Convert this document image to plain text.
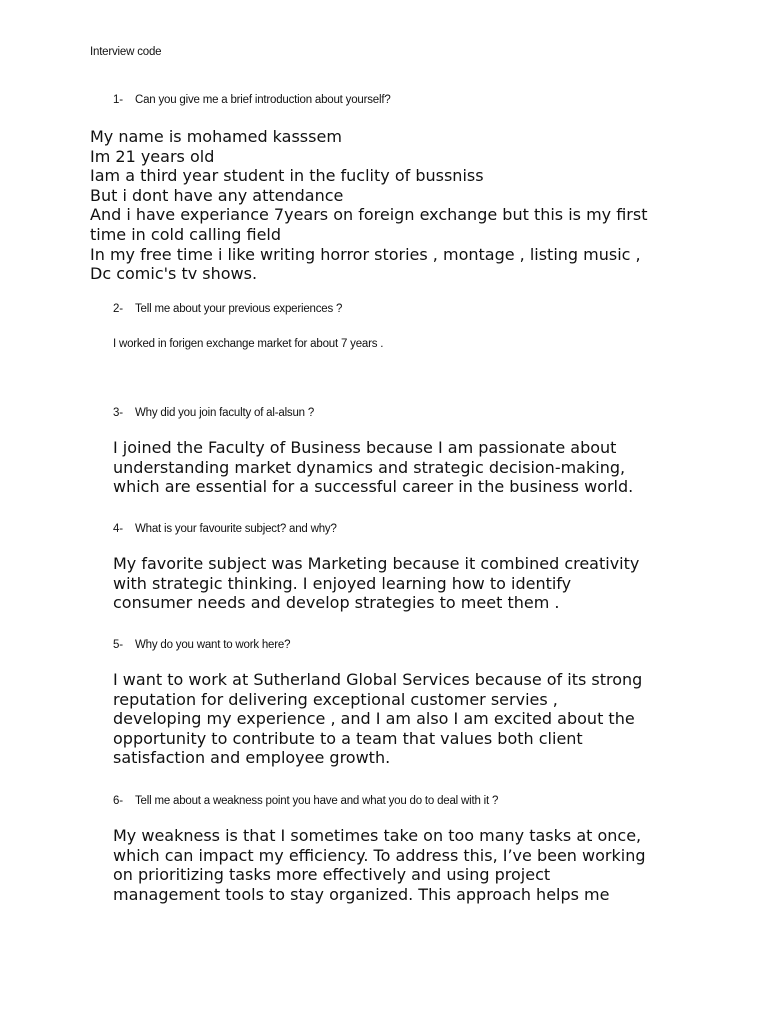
Interview code

1- Can you give me a brief introduction about yourself?

My name is mohamed kasssem
Im 21 years old
Iam a third year student in the fuclity of bussniss
But i dont have any attendance
And i have experiance 7years on foreign exchange but this is my first
time in cold calling field
In my free time i like writing horror stories , montage , listing music ,
Dc comic's tv shows.

2- Tell me about your previous experiences ?

I worked in forigen exchange market for about 7 years .

3- Why did you join faculty of al-alsun ?

I joined the Faculty of Business because I am passionate about
understanding market dynamics and strategic decision-making,
which are essential for a successful career in the business world.

4- What is your favourite subject? and why?

My favorite subject was Marketing because it combined creativity
with strategic thinking. I enjoyed learning how to identify
consumer needs and develop strategies to meet them .

5- Why do you want to work here?

I want to work at Sutherland Global Services because of its strong
reputation for delivering exceptional customer servies ,
developing my experience , and I am also I am excited about the
opportunity to contribute to a team that values both client
satisfaction and employee growth.

6- Tell me about a weakness point you have and what you do to deal with it ?

My weakness is that I sometimes take on too many tasks at once,
which can impact my efficiency. To address this, I’ve been working
on prioritizing tasks more effectively and using project
management tools to stay organized. This approach helps me
